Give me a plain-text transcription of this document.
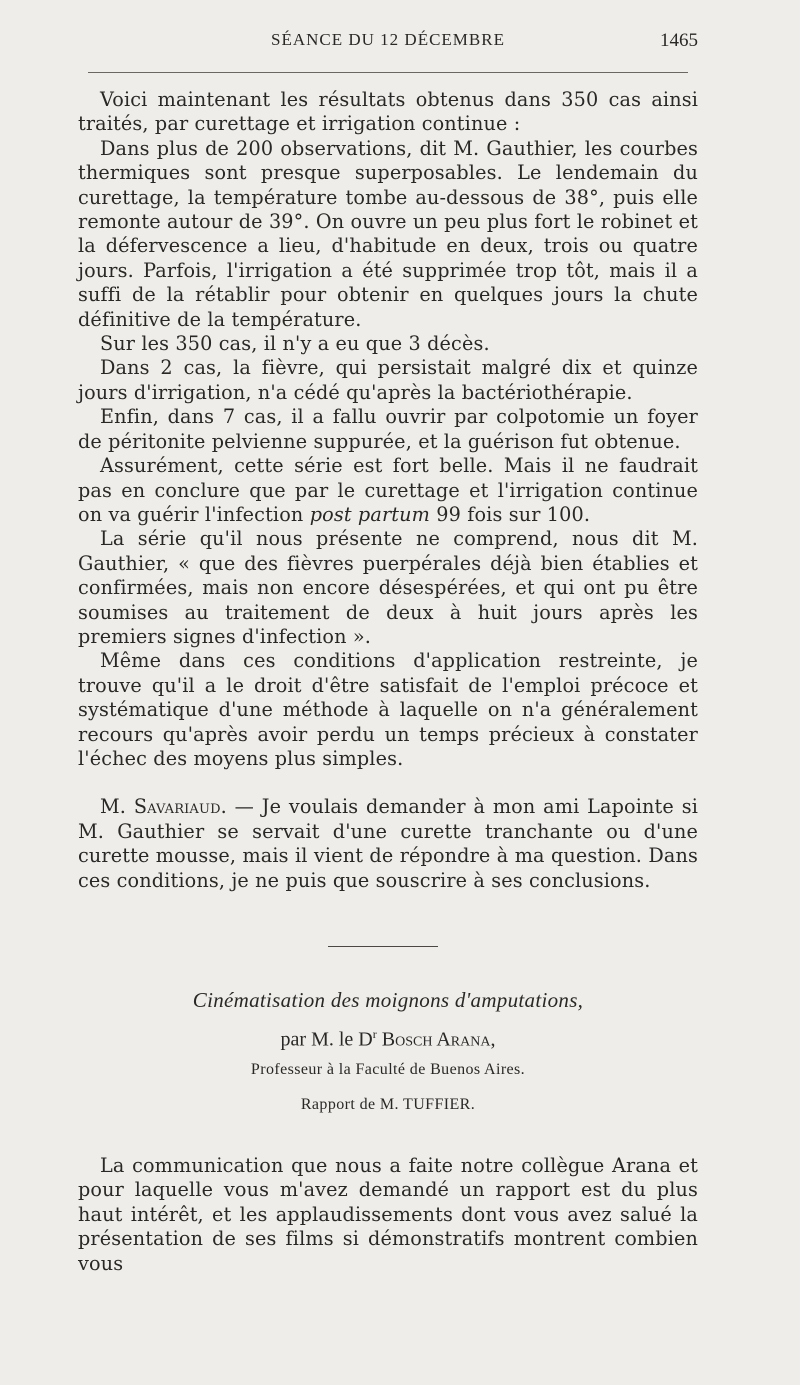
SÉANCE DU 12 DÉCEMBRE	1465

Voici maintenant les résultats obtenus dans 350 cas ainsi traités, par curettage et irrigation continue :

Dans plus de 200 observations, dit M. Gauthier, les courbes thermiques sont presque superposables. Le lendemain du curettage, la température tombe au-dessous de 38°, puis elle remonte autour de 39°. On ouvre un peu plus fort le robinet et la défervescence a lieu, d'habitude en deux, trois ou quatre jours. Parfois, l'irrigation a été supprimée trop tôt, mais il a suffi de la rétablir pour obtenir en quelques jours la chute définitive de la température.

Sur les 350 cas, il n'y a eu que 3 décès.

Dans 2 cas, la fièvre, qui persistait malgré dix et quinze jours d'irrigation, n'a cédé qu'après la bactériothérapie.

Enfin, dans 7 cas, il a fallu ouvrir par colpotomie un foyer de péritonite pelvienne suppurée, et la guérison fut obtenue.

Assurément, cette série est fort belle. Mais il ne faudrait pas en conclure que par le curettage et l'irrigation continue on va guérir l'infection post partum 99 fois sur 100.

La série qu'il nous présente ne comprend, nous dit M. Gauthier, « que des fièvres puerpérales déjà bien établies et confirmées, mais non encore désespérées, et qui ont pu être soumises au traitement de deux à huit jours après les premiers signes d'infection ».

Même dans ces conditions d'application restreinte, je trouve qu'il a le droit d'être satisfait de l'emploi précoce et systématique d'une méthode à laquelle on n'a généralement recours qu'après avoir perdu un temps précieux à constater l'échec des moyens plus simples.

M. Savariaud. — Je voulais demander à mon ami Lapointe si M. Gauthier se servait d'une curette tranchante ou d'une curette mousse, mais il vient de répondre à ma question. Dans ces conditions, je ne puis que souscrire à ses conclusions.

Cinématisation des moignons d'amputations,
par M. le $D^r$ Bosch Arana,
Professeur à la Faculté de Buenos Aires.
Rapport de M. TUFFIER.

La communication que nous a faite notre collègue Arana et pour laquelle vous m'avez demandé un rapport est du plus haut intérêt, et les applaudissements dont vous avez salué la présentation de ses films si démonstratifs montrent combien vous
